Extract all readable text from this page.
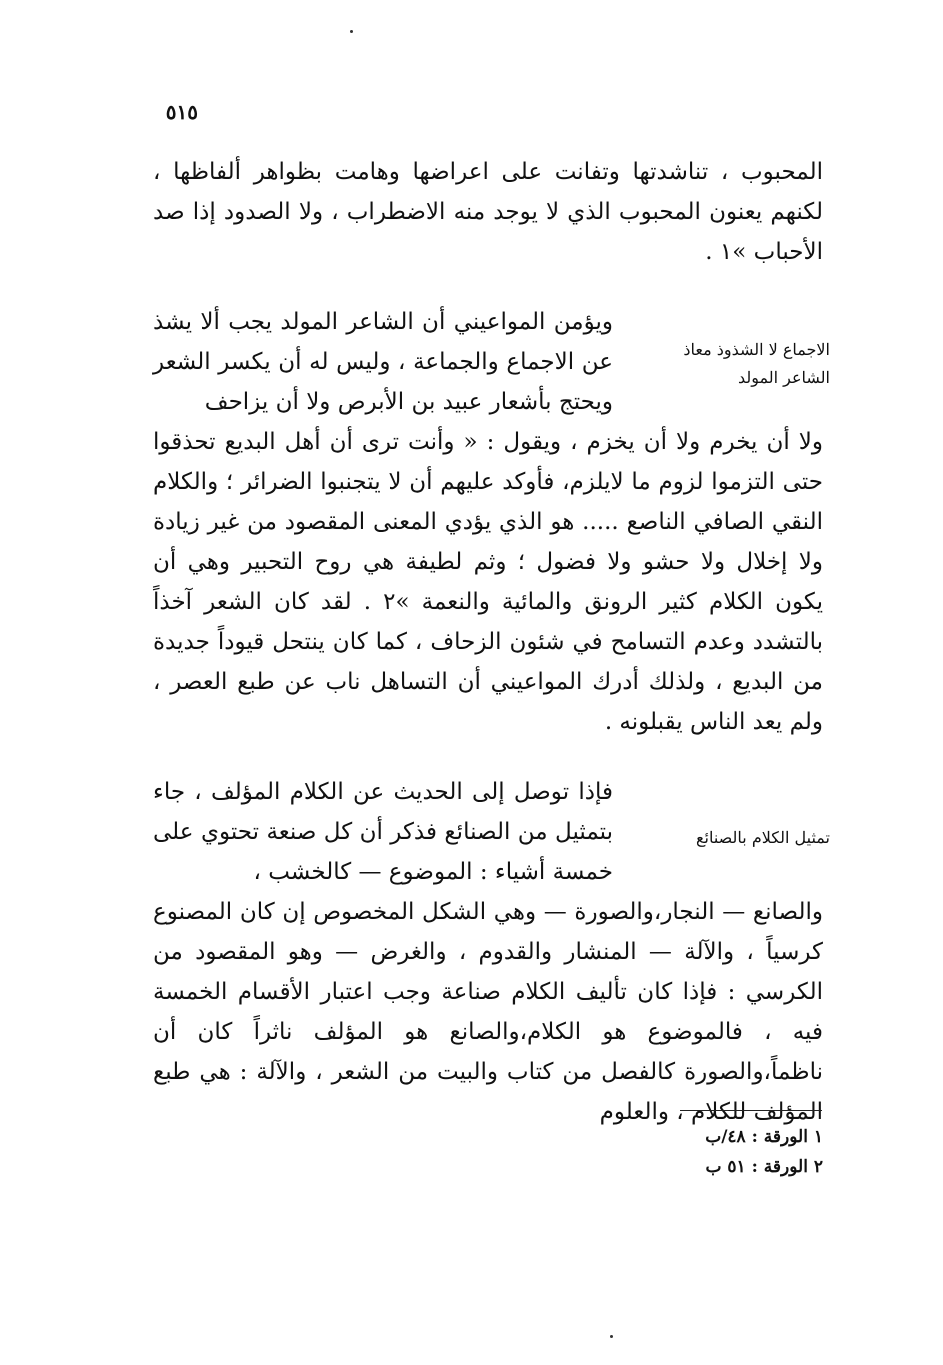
٥١٥
المحبوب ، تناشدتها وتفانت على اعراضها وهامت بظواهر ألفاظها ، لكنهم يعنون المحبوب الذي لا يوجد منه الاضطراب ، ولا الصدود إذا صد الأحباب »١ .
الاجماع لا الشذوذ معاذ الشاعر المولد
ويؤمن المواعيني أن الشاعر المولد يجب ألا يشذ عن الاجماع والجماعة ، وليس له أن يكسر الشعر ويحتج بأشعار عبيد بن الأبرص ولا أن يزاحف
ولا أن يخرم ولا أن يخزم ، ويقول : « وأنت ترى أن أهل البديع تحذقوا حتى التزموا لزوم ما لايلزم، فأوكد عليهم أن لا يتجنبوا الضرائر ؛ والكلام النقي الصافي الناصع ..... هو الذي يؤدي المعنى المقصود من غير زيادة ولا إخلال ولا حشو ولا فضول ؛ وثم لطيفة هي روح التحبير وهي أن يكون الكلام كثير الرونق والمائية والنعمة »٢ . لقد كان الشعر آخذاً بالتشدد وعدم التسامح في شئون الزحاف ، كما كان ينتحل قيوداً جديدة من البديع ، ولذلك أدرك المواعيني أن التساهل ناب عن طبع العصر ، ولم يعد الناس يقبلونه .
تمثيل الكلام بالصنائع
فإذا توصل إلى الحديث عن الكلام المؤلف ، جاء بتمثيل من الصنائع فذكر أن كل صنعة تحتوي على خمسة أشياء : الموضوع — كالخشب ،
والصانع — النجار،والصورة — وهي الشكل المخصوص إن كان المصنوع كرسياً ، والآلة — المنشار والقدوم ، والغرض — وهو المقصود من الكرسي : فإذا كان تأليف الكلام صناعة وجب اعتبار الأقسام الخمسة فيه ، فالموضوع هو الكلام،والصانع هو المؤلف ناثراً كان أن ناظماً،والصورة كالفصل من كتاب والبيت من الشعر ، والآلة : هي طبع المؤلف للكلام ، والعلوم
١ الورقة : ٤٨/ب
٢ الورقة : ٥١ ب
